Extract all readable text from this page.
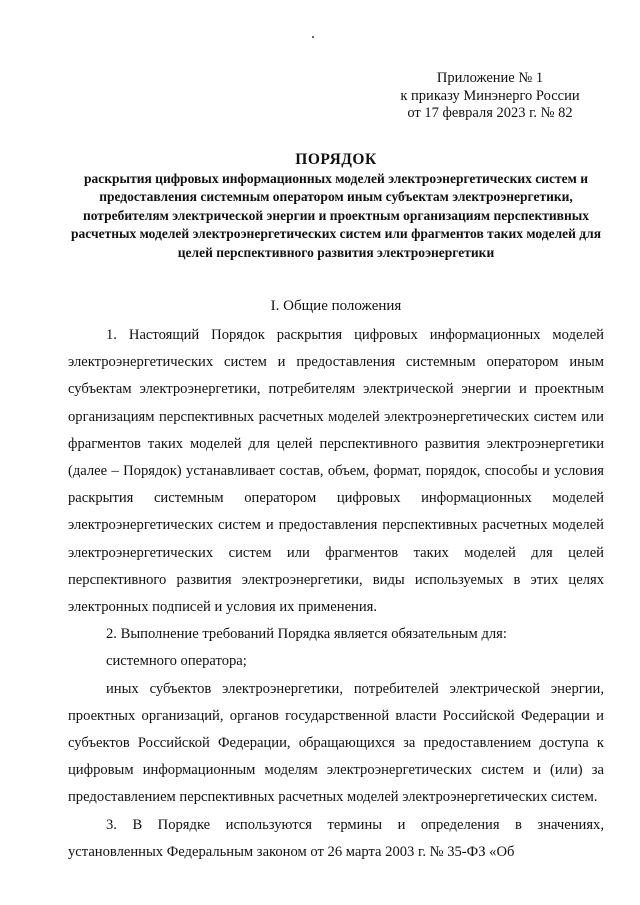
Приложение № 1
к приказу Минэнерго России
от 17 февраля 2023 г. № 82
ПОРЯДОК
раскрытия цифровых информационных моделей электроэнергетических систем и предоставления системным оператором иным субъектам электроэнергетики, потребителям электрической энергии и проектным организациям перспективных расчетных моделей электроэнергетических систем или фрагментов таких моделей для целей перспективного развития электроэнергетики
I. Общие положения

1. Настоящий Порядок раскрытия цифровых информационных моделей электроэнергетических систем и предоставления системным оператором иным субъектам электроэнергетики, потребителям электрической энергии и проектным организациям перспективных расчетных моделей электроэнергетических систем или фрагментов таких моделей для целей перспективного развития электроэнергетики (далее – Порядок) устанавливает состав, объем, формат, порядок, способы и условия раскрытия системным оператором цифровых информационных моделей электроэнергетических систем и предоставления перспективных расчетных моделей электроэнергетических систем или фрагментов таких моделей для целей перспективного развития электроэнергетики, виды используемых в этих целях электронных подписей и условия их применения.

2. Выполнение требований Порядка является обязательным для:

системного оператора;

иных субъектов электроэнергетики, потребителей электрической энергии, проектных организаций, органов государственной власти Российской Федерации и субъектов Российской Федерации, обращающихся за предоставлением доступа к цифровым информационным моделям электроэнергетических систем и (или) за предоставлением перспективных расчетных моделей электроэнергетических систем.

3. В Порядке используются термины и определения в значениях, установленных Федеральным законом от 26 марта 2003 г. № 35-ФЗ «Об
